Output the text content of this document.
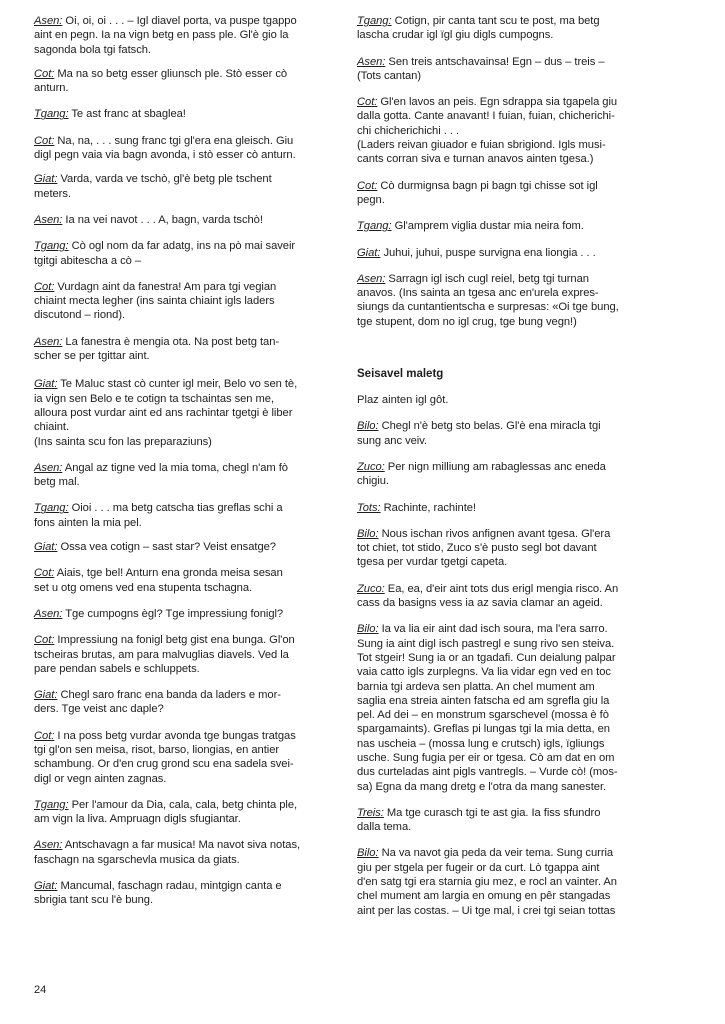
Asen: Oi, oi, oi . . . – Igl diavel porta, va puspe tgappo
aint en pegn. Ia na vign betg en pass ple. Gl'è gio la
sagonda bola tgi fatsch.

Cot: Ma na so betg esser gliunsch ple. Stò esser cò
anturn.

Tgang: Te ast franc at sbaglea!

Cot: Na, na, . . . sung franc tgi gl'era ena gleisch. Giu
digl pegn vaia via bagn avonda, i stò esser cò anturn.

Giat: Varda, varda ve tschò, gl'è betg ple tschent
meters.

Asen: Ia na vei navot . . . A, bagn, varda tschò!

Tgang: Cò ogl nom da far adatg, ins na pò mai saveir
tgitgi abitescha a cò –

Cot: Vurdagn aint da fanestra! Am para tgi vegian
chiaint mecta legher (ins sainta chiaint igls laders
discutond – riond).

Asen: La fanestra è mengia ota. Na post betg tan-
scher se per tgittar aint.

Giat: Te Maluc stast cò cunter igl meir, Belo vo sen tè,
ia vign sen Belo e te cotign ta tschaintas sen me,
alloura post vurdar aint ed ans rachintar tgetgi è liber
chiaint.
(Ins sainta scu fon las preparaziuns)

Asen: Angal az tigne ved la mia toma, chegl n'am fò
betg mal.

Tgang: Oioi . . . ma betg catscha tias greflas schi a
fons ainten la mia pel.

Giat: Ossa vea cotign – sast star? Veist ensatge?

Cot: Aiais, tge bel! Anturn ena gronda meisa sesan
set u otg omens ved ena stupenta tschagna.

Asen: Tge cumpogns ègl? Tge impressiung fonigl?

Cot: Impressiung na fonigl betg gist ena bunga. Gl'on
tscheiras brutas, am para malvuglias diavels. Ved la
pare pendan sabels e schluppets.

Giat: Chegl saro franc ena banda da laders e mor-
ders. Tge veist anc daple?

Cot: I na poss betg vurdar avonda tge bungas tratgas
tgi gl'on sen meisa, risot, barso, liongias, en antier
schambung. Or d'en crug grond scu ena sadela svei-
digl or vegn ainten zagnas.

Tgang: Per l'amour da Dia, cala, cala, betg chinta ple,
am vign la liva. Ampruagn digls sfugiantar.

Asen: Antschavagn a far musica! Ma navot siva notas,
faschagn na sgarschevla musica da giats.

Giat: Mancumal, faschagn radau, mintgign canta e
sbrigia tant scu l'è bung.

Tgang: Cotign, pir canta tant scu te post, ma betg
lascha crudar igl ïgl giu digls cumpogns.

Asen: Sen treis antschavainsa! Egn – dus – treis –
(Tots cantan)

Cot: Gl'en lavos an peis. Egn sdrappa sia tgapela giu
dalla gotta. Cante anavant! I fuian, fuian, chicherichi-
chi chicherichichi . . .
(Laders reivan giuador e fuian sbrigiond. Igls musi-
cants corran siva e turnan anavos ainten tgesa.)

Cot: Cò durmignsa bagn pi bagn tgi chisse sot igl
pegn.

Tgang: Gl'amprem viglia dustar mia neira fom.

Giat: Juhui, juhui, puspe survigna ena liongia . . .

Asen: Sarragn igl isch cugl reiel, betg tgi turnan
anavos. (Ins sainta an tgesa anc en'urela expres-
siungs da cuntantientscha e surpresas: «Oi tge bung,
tge stupent, dom no igl crug, tge bung vegn!)

Seisavel maletg

Plaz ainten igl gôt.

Bilo: Chegl n'è betg sto belas. Gl'è ena miracla tgi
sung anc veiv.

Zuco: Per nign milliung am rabaglessas anc eneda
chigiu.

Tots: Rachinte, rachinte!

Bilo: Nous ischan rivos anfignen avant tgesa. Gl'era
tot chiet, tot stido, Zuco s'è pusto segl bot davant
tgesa per vurdar tgetgi capeta.

Zuco: Ea, ea, d'eir aint tots dus erigl mengia risco. An
cass da basigns vess ia az savia clamar an ageid.

Bilo: Ia va lia eir aint dad isch soura, ma l'era sarro.
Sung ia aint digl isch pastregl e sung rivo sen steiva.
Tot stgeir! Sung ia or an tgadafi. Cun deialung palpar
vaia catto igls zurplegns. Va lia vidar egn ved en toc
barnia tgi ardeva sen platta. An chel mument am
saglia ena streia ainten fatscha ed am sgrefla giu la
pel. Ad dei – en monstrum sgarschevel (mossa è fò
spargamaints). Greflas pi lungas tgi la mia detta, en
nas uscheia – (mossa lung e crutsch) igls, ïgliungs
usche. Sung fugia per eir or tgesa. Cò am dat en om
dus curteladas aint pigls vantregls. – Vurde cò! (mos-
sa) Egna da mang dretg e l'otra da mang sanester.

Treis: Ma tge curasch tgi te ast gia. Ia fiss sfundro
dalla tema.

Bilo: Na va navot gia peda da veir tema. Sung curria
giu per stgela per fugeir or da curt. Lò tgappa aint
d'en satg tgi era starnia giu mez, e rocl an vainter. An
chel mument am largia en omung en pêr stangadas
aint per las costas. – Ui tge mal, i crei tgi seian tottas

24
